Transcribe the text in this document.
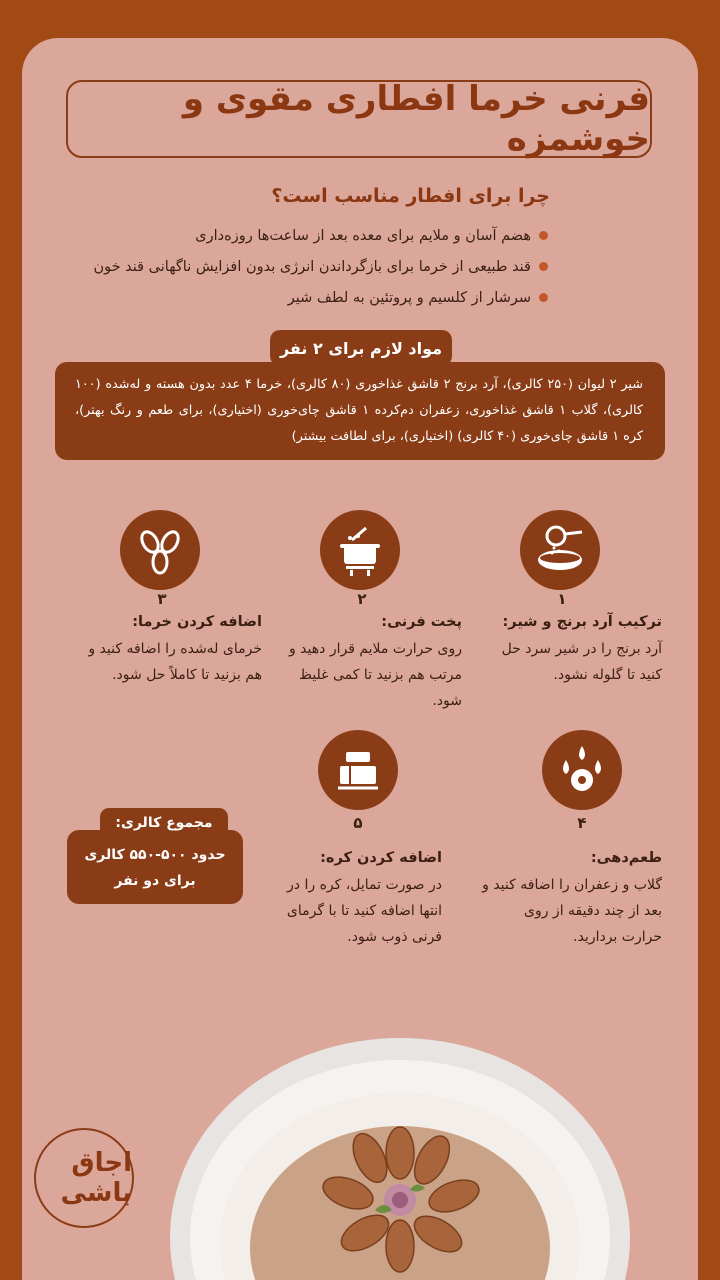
فرنی خرما افطاری مقوی و خوشمزه
چرا برای افطار مناسب است؟
هضم آسان و ملایم برای معده بعد از ساعت‌ها روزه‌داری
قند طبیعی از خرما برای بازگرداندن انرژی بدون افزایش ناگهانی قند خون
سرشار از کلسیم و پروتئین به لطف شیر
شیر ۲ لیوان (۲۵۰ کالری)، آرد برنج ۲ قاشق غذاخوری (۸۰ کالری)، خرما ۴ عدد بدون هسته و له‌شده (۱۰۰ کالری)، گلاب ۱ قاشق غذاخوری، زعفران دم‌کرده ۱ قاشق چای‌خوری (اختیاری)، برای طعم و رنگ بهتر)، کره ۱ قاشق چای‌خوری (۴۰ کالری) (اختیاری)، برای لطافت بیشتر)
مواد لازم برای ۲ نفر
۱
ترکیب آرد برنج و شیر:
آرد برنج را در شیر سرد حل کنید تا گلوله نشود.
۲
پخت فرنی:
روی حرارت ملایم قرار دهید و مرتب هم بزنید تا کمی غلیظ شود.
۳
اضافه کردن خرما:
خرمای له‌شده را اضافه کنید و هم بزنید تا کاملاً حل شود.
۴
طعم‌دهی:
گلاب و زعفران را اضافه کنید و بعد از چند دقیقه از روی حرارت بردارید.
۵
اضافه کردن کره:
در صورت تمایل، کره را در انتها اضافه کنید تا با گرمای فرنی ذوب شود.
حدود ۵۰۰-۵۵۰ کالری برای دو نفر
مجموع کالری:
اجاق باشی
